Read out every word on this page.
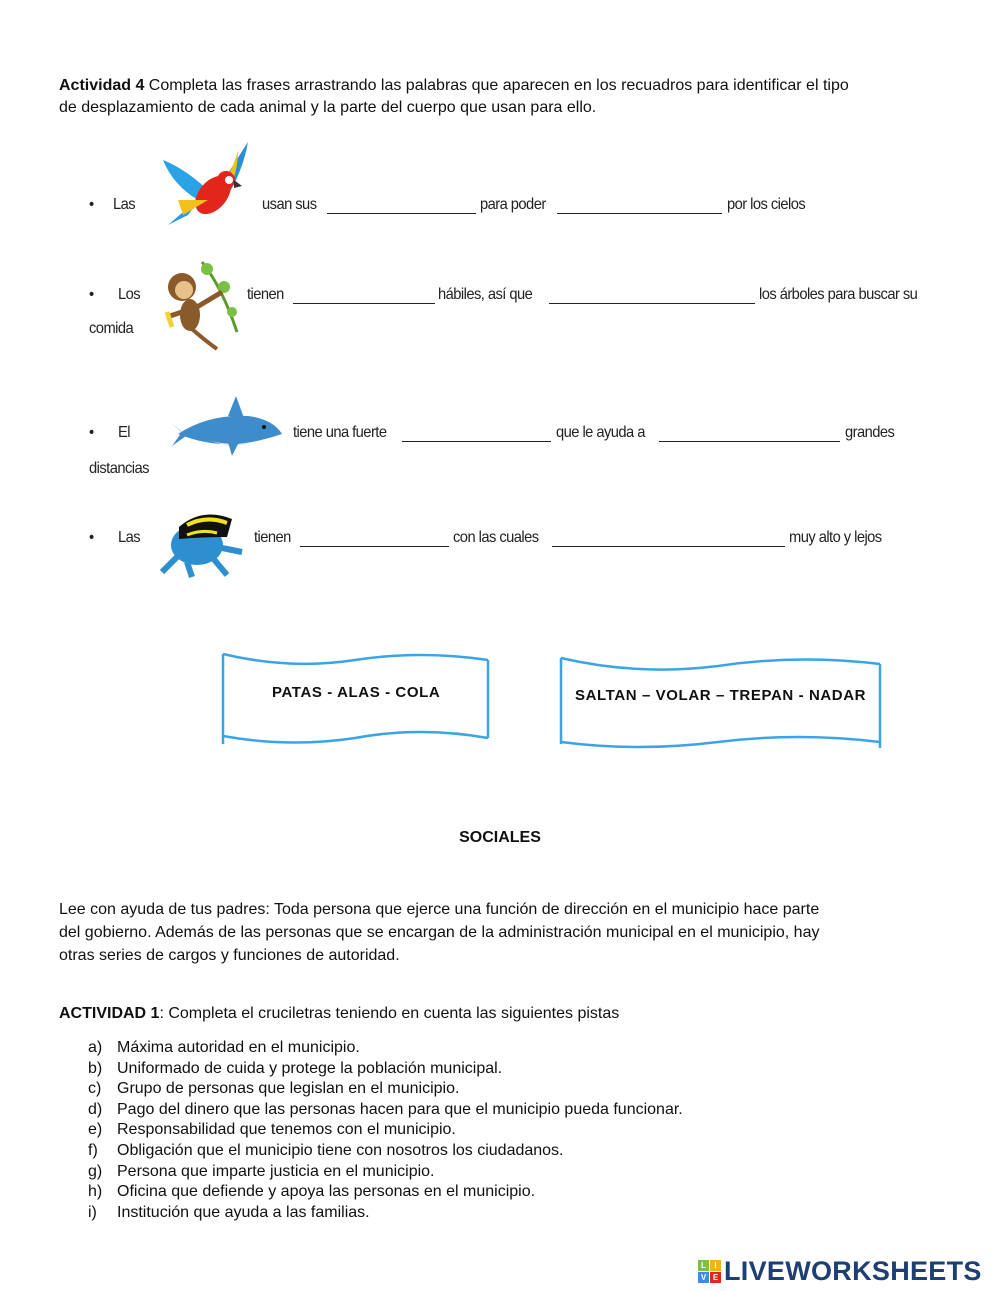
Actividad 4 Completa las frases arrastrando las palabras que aparecen en los recuadros para identificar el tipo
de desplazamiento de cada animal y la parte del cuerpo que usan para ello.
• Las	usan sus	para poder	por los cielos
• Los	tienen	hábiles, así que	los árboles para buscar su
comida
• El	tiene una fuerte	que le ayuda a	grandes
distancias
• Las	tienen	con las cuales	muy alto y lejos
PATAS - ALAS - COLA	SALTAN – VOLAR – TREPAN - NADAR
SOCIALES
Lee con ayuda de tus padres: Toda persona que ejerce una función de dirección en el municipio hace parte
del gobierno. Además de las personas que se encargan de la administración municipal en el municipio, hay
otras series de cargos y funciones de autoridad.
ACTIVIDAD 1: Completa el cruciletras teniendo en cuenta las siguientes pistas
a) Máxima autoridad en el municipio.
b) Uniformado de cuida y protege la población municipal.
c) Grupo de personas que legislan en el municipio.
d) Pago del dinero que las personas hacen para que el municipio pueda funcionar.
e) Responsabilidad que tenemos con el municipio.
f) Obligación que el municipio tiene con nosotros los ciudadanos.
g) Persona que imparte justicia en el municipio.
h) Oficina que defiende y apoya las personas en el municipio.
i) Institución que ayuda a las familias.
L	I
V E LIVEWORKSHEETS
